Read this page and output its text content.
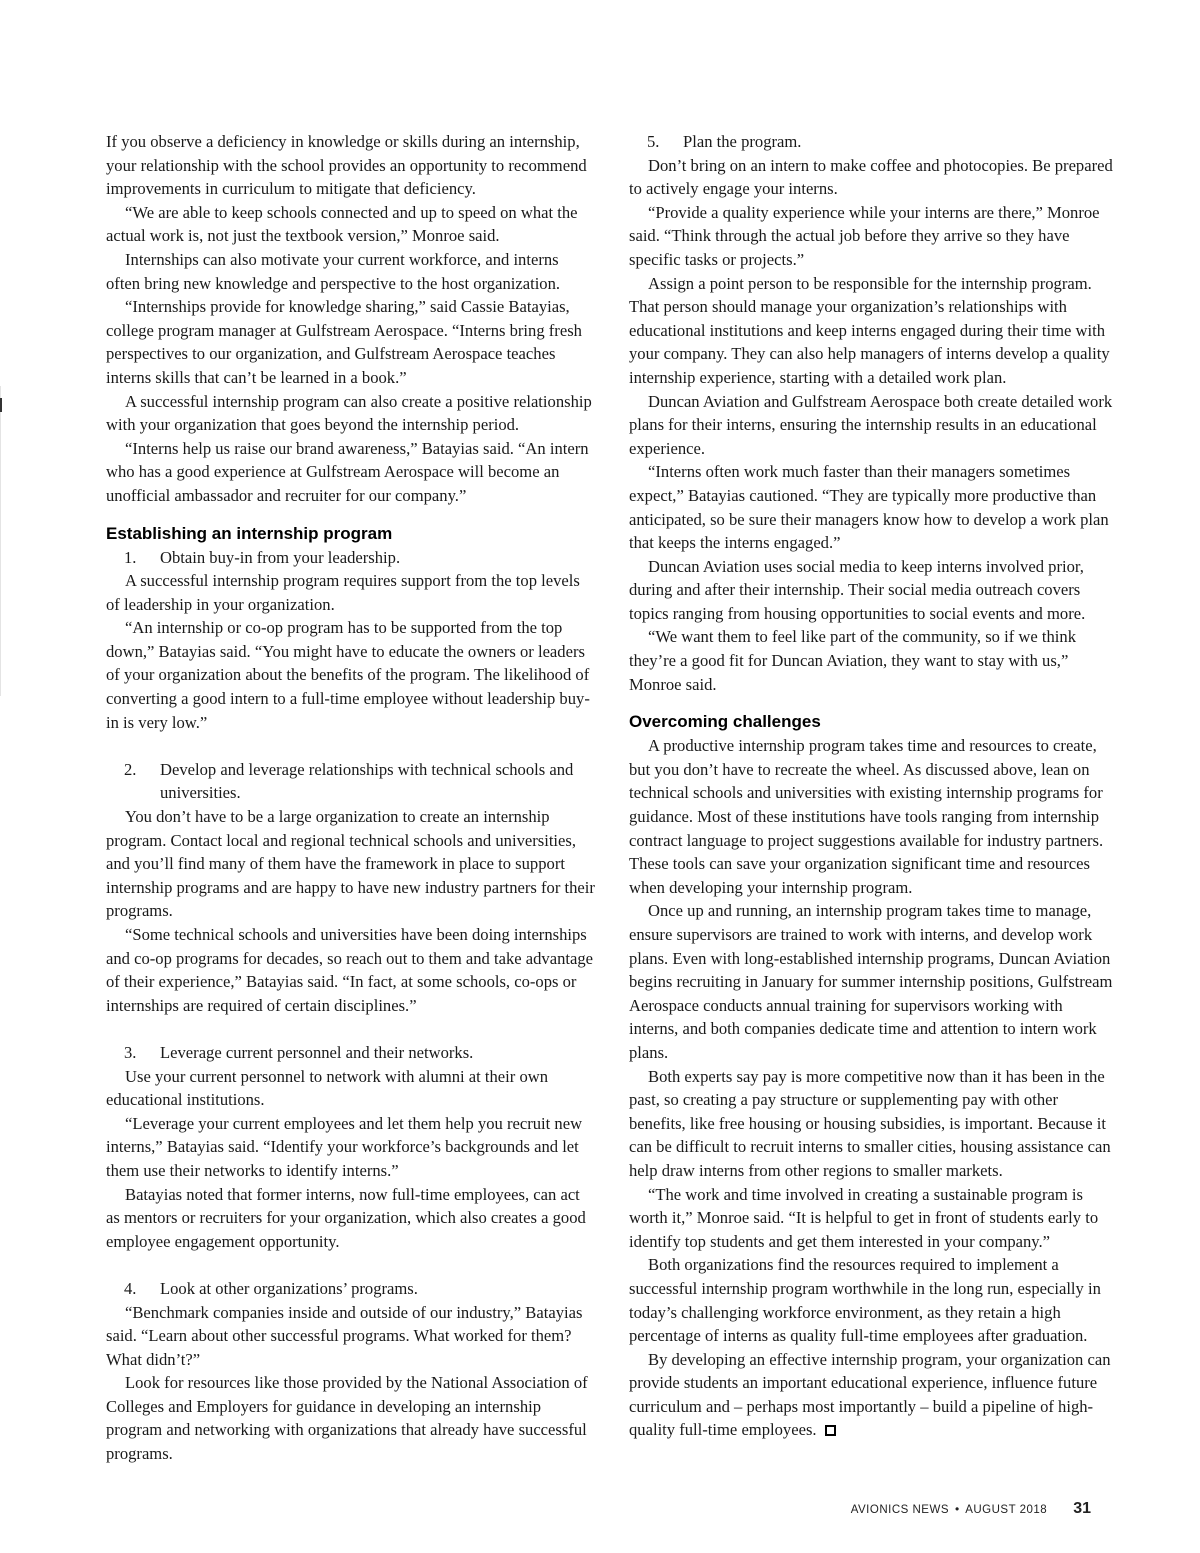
If you observe a deficiency in knowledge or skills during an internship, your relationship with the school provides an opportunity to recommend improvements in curriculum to mitigate that deficiency.

“We are able to keep schools connected and up to speed on what the actual work is, not just the textbook version,” Monroe said.

Internships can also motivate your current workforce, and interns often bring new knowledge and perspective to the host organization.

“Internships provide for knowledge sharing,” said Cassie Batayias, college program manager at Gulfstream Aerospace. “Interns bring fresh perspectives to our organization, and Gulfstream Aerospace teaches interns skills that can’t be learned in a book.”

A successful internship program can also create a positive relationship with your organization that goes beyond the internship period.

“Interns help us raise our brand awareness,” Batayias said. “An intern who has a good experience at Gulfstream Aerospace will become an unofficial ambassador and recruiter for our company.”

Establishing an internship program

1. Obtain buy-in from your leadership.

A successful internship program requires support from the top levels of leadership in your organization.

“An internship or co-op program has to be supported from the top down,” Batayias said. “You might have to educate the owners or leaders of your organization about the benefits of the program. The likelihood of converting a good intern to a full-time employee without leadership buy-in is very low.”

2. Develop and leverage relationships with technical schools and universities.

You don’t have to be a large organization to create an internship program. Contact local and regional technical schools and universities, and you’ll find many of them have the framework in place to support internship programs and are happy to have new industry partners for their programs.

“Some technical schools and universities have been doing internships and co-op programs for decades, so reach out to them and take advantage of their experience,” Batayias said. “In fact, at some schools, co-ops or internships are required of certain disciplines.”

3. Leverage current personnel and their networks.

Use your current personnel to network with alumni at their own educational institutions.

“Leverage your current employees and let them help you recruit new interns,” Batayias said. “Identify your workforce’s backgrounds and let them use their networks to identify interns.”

Batayias noted that former interns, now full-time employees, can act as mentors or recruiters for your organization, which also creates a good employee engagement opportunity.

4. Look at other organizations’ programs.

“Benchmark companies inside and outside of our industry,” Batayias said. “Learn about other successful programs. What worked for them? What didn’t?”

Look for resources like those provided by the National Association of Colleges and Employers for guidance in developing an internship program and networking with organizations that already have successful programs.

5. Plan the program.

Don’t bring on an intern to make coffee and photocopies. Be prepared to actively engage your interns.

“Provide a quality experience while your interns are there,” Monroe said. “Think through the actual job before they arrive so they have specific tasks or projects.”

Assign a point person to be responsible for the internship program. That person should manage your organization’s relationships with educational institutions and keep interns engaged during their time with your company. They can also help managers of interns develop a quality internship experience, starting with a detailed work plan.

Duncan Aviation and Gulfstream Aerospace both create detailed work plans for their interns, ensuring the internship results in an educational experience.

“Interns often work much faster than their managers sometimes expect,” Batayias cautioned. “They are typically more productive than anticipated, so be sure their managers know how to develop a work plan that keeps the interns engaged.”

Duncan Aviation uses social media to keep interns involved prior, during and after their internship. Their social media outreach covers topics ranging from housing opportunities to social events and more.

“We want them to feel like part of the community, so if we think they’re a good fit for Duncan Aviation, they want to stay with us,” Monroe said.

Overcoming challenges

A productive internship program takes time and resources to create, but you don’t have to recreate the wheel. As discussed above, lean on technical schools and universities with existing internship programs for guidance. Most of these institutions have tools ranging from internship contract language to project suggestions available for industry partners. These tools can save your organization significant time and resources when developing your internship program.

Once up and running, an internship program takes time to manage, ensure supervisors are trained to work with interns, and develop work plans. Even with long-established internship programs, Duncan Aviation begins recruiting in January for summer internship positions, Gulfstream Aerospace conducts annual training for supervisors working with interns, and both companies dedicate time and attention to intern work plans.

Both experts say pay is more competitive now than it has been in the past, so creating a pay structure or supplementing pay with other benefits, like free housing or housing subsidies, is important. Because it can be difficult to recruit interns to smaller cities, housing assistance can help draw interns from other regions to smaller markets.

“The work and time involved in creating a sustainable program is worth it,” Monroe said. “It is helpful to get in front of students early to identify top students and get them interested in your company.”

Both organizations find the resources required to implement a successful internship program worthwhile in the long run, especially in today’s challenging workforce environment, as they retain a high percentage of interns as quality full-time employees after graduation.

By developing an effective internship program, your organization can provide students an important educational experience, influence future curriculum and – perhaps most importantly – build a pipeline of high-quality full-time employees.

AVIONICS NEWS • AUGUST 2018 31
